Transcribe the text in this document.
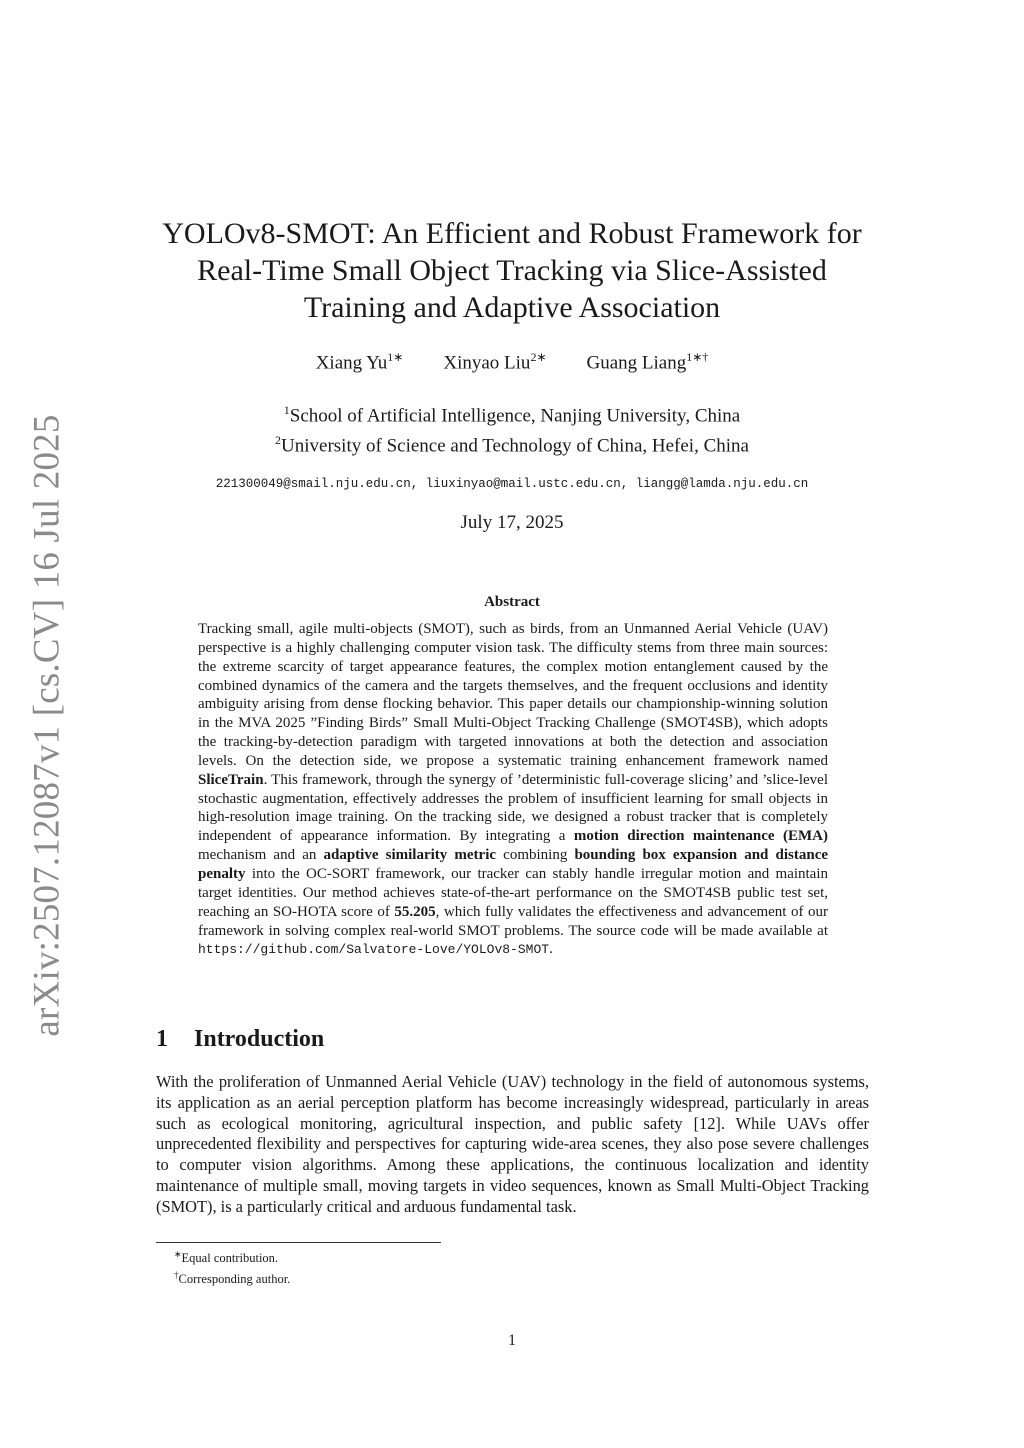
arXiv:2507.12087v1 [cs.CV] 16 Jul 2025
YOLOv8-SMOT: An Efficient and Robust Framework for
Real-Time Small Object Tracking via Slice-Assisted
Training and Adaptive Association
Xiang $Yu^{1∗}$ Xinyao Liu$^{2∗}$ Guang Liang$^{1∗\dagger}$
$^1$School of Artificial Intelligence, Nanjing University, China
$^2$University of Science and Technology of China, Hefei, China
221300049@smail.nju.edu.cn, liuxinyao@mail.ustc.edu.cn, liangg@lamda.nju.edu.cn
July 17, 2025
Abstract
Tracking small, agile multi-objects (SMOT), such as birds, from an Unmanned Aerial Vehicle (UAV) perspective is a highly challenging computer vision task. The difficulty stems from three main sources: the extreme scarcity of target appearance features, the complex motion entanglement caused by the combined dynamics of the camera and the targets themselves, and the frequent occlusions and identity ambiguity arising from dense flocking behavior. This paper details our championship-winning solution in the MVA 2025 ”Finding Birds” Small Multi-Object Tracking Challenge (SMOT4SB), which adopts the tracking-by-detection paradigm with targeted innovations at both the detection and association levels. On the detection side, we propose a systematic training enhancement framework named SliceTrain. This framework, through the synergy of ’deterministic full-coverage slicing’ and ’slice-level stochastic augmentation, effectively addresses the problem of insufficient learning for small objects in high-resolution image training. On the tracking side, we designed a robust tracker that is completely independent of appearance information. By integrating a motion direction maintenance (EMA) mechanism and an adaptive similarity metric combining bounding box expansion and distance penalty into the OC-SORT framework, our tracker can stably handle irregular motion and maintain target identities. Our method achieves state-of-the-art performance on the SMOT4SB public test set, reaching an SO-HOTA score of 55.205, which fully validates the effectiveness and advancement of our framework in solving complex real-world SMOT problems. The source code will be made available at https://github.com/Salvatore-Love/YOLOv8-SMOT.
1 Introduction
With the proliferation of Unmanned Aerial Vehicle (UAV) technology in the field of autonomous systems, its application as an aerial perception platform has become increasingly widespread, particularly in areas such as ecological monitoring, agricultural inspection, and public safety [12]. While UAVs offer unprecedented flexibility and perspectives for capturing wide-area scenes, they also pose severe challenges to computer vision algorithms. Among these applications, the continuous localization and identity maintenance of multiple small, moving targets in video sequences, known as Small Multi-Object Tracking (SMOT), is a particularly critical and arduous fundamental task.
∗Equal contribution.
†Corresponding author.
1
